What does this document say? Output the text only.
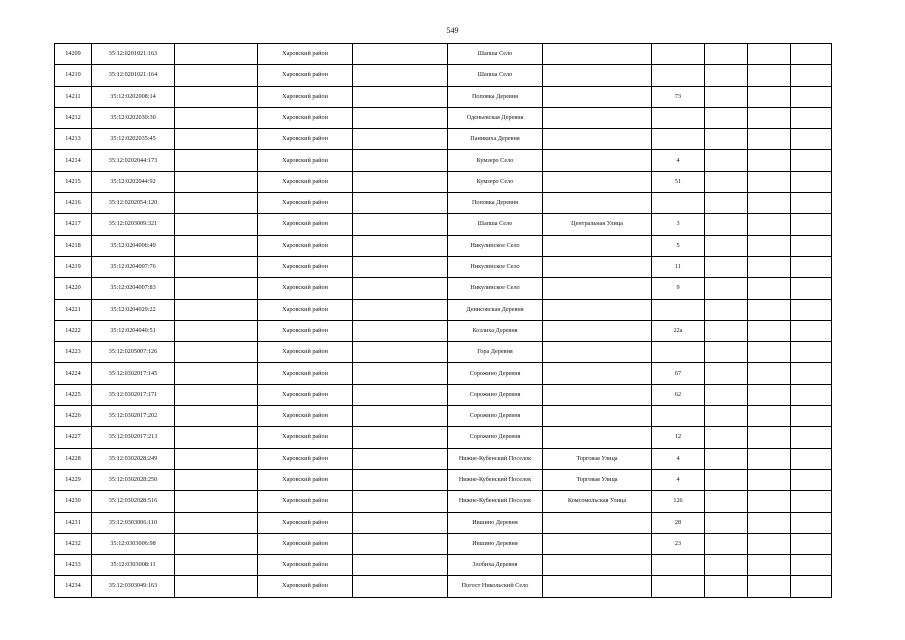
549
14209	35:12:0201021:163		Харовский район		Шапша Село					
14210	35:12:0201021:164		Харовский район		Шапша Село					
14211	35:12:0202008:14		Харовский район		Поповка Деревня		73			
14212	35:12:0202030:30		Харовский район		Оденьевская Деревня					
14213	35:12:0202035:45		Харовский район		Паникиха Деревня					
14214	35:12:0202044:173		Харовский район		Кумзеро Село		4			
14215	35:12:0202044:92		Харовский район		Кумзеро Село		51			
14216	35:12:0202054:120		Харовский район		Поповка Деревня					
14217	35:12:0203009:321		Харовский район		Шапша Село	Центральная Улица	3			
14218	35:12:0204006:49		Харовский район		Никулинское Село		5			
14219	35:12:0204007:76		Харовский район		Никулинское Село		11			
14220	35:12:0204007:83		Харовский район		Никулинское Село		9			
14221	35:12:0204029:22		Харовский район		Денисовская Деревня					
14222	35:12:0204040:51		Харовский район		Козлиха Деревня		22а			
14223	35:12:0205007:126		Харовский район		Гора Деревня					
14224	35:12:0302017:145		Харовский район		Сорожино Деревня		67			
14225	35:12:0302017:171		Харовский район		Сорожино Деревня		62			
14226	35:12:0302017:202		Харовский район		Сорожино Деревня					
14227	35:12:0302017:213		Харовский район		Сорожино Деревня		12			
14228	35:12:0302028:249		Харовский район		Нижне-Кубенский Поселок	Торговая Улица	4			
14229	35:12:0302028:250		Харовский район		Нижне-Кубенский Поселок	Торговая Улица	4			
14230	35:12:0302028:516		Харовский район		Нижне-Кубенский Поселок	Комсомольская Улица	126			
14231	35:12:0303006:110		Харовский район		Ившино Деревня		28			
14232	35:12:0303006:98		Харовский район		Ившино Деревня		23			
14233	35:12:0303008:11		Харовский район		Злобиха Деревня					
14234	35:12:0303049:163		Харовский район		Погост Никольский Село					
